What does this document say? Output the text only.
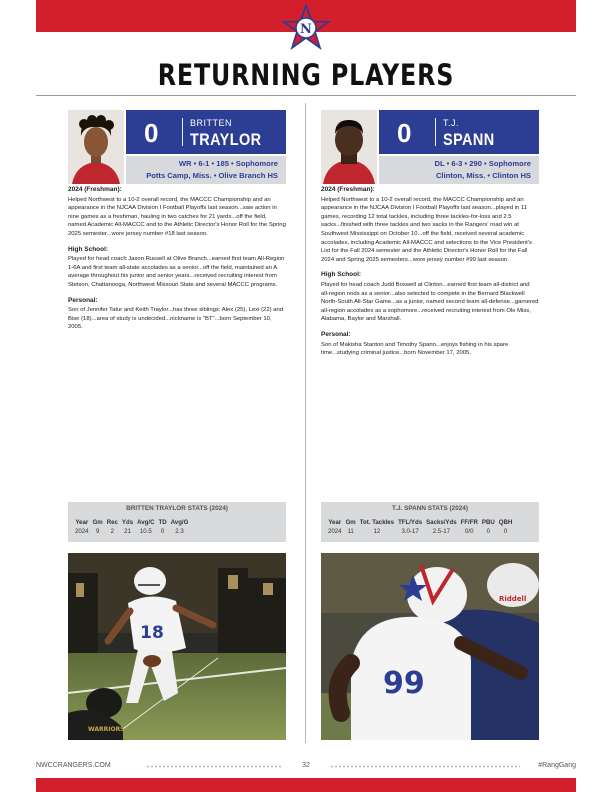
N
RETURNING PLAYERS
0	BRITTEN
TRAYLOR
WR • 6-1 • 185 • Sophomore
Potts Camp, Miss. • Olive Branch HS
2024 (Freshman):

Helped Northwest to a 10-2 overall record, the MACCC Championship and an appearance in the NJCAA Division I Football Playoffs last season...saw action in nine games as a freshman, hauling in two catches for 21 yards...off the field, named Academic All-MACCC and to the Athletic Director's Honor Roll for the Spring 2025 semester...wore jersey number #18 last season.

High School:

Played for head coach Jason Russell at Olive Branch...earned first team All-Region 1-6A and first team all-state accolades as a senior...off the field, maintained an A average throughout his junior and senior years...received recruiting interest from Stetson, Chattanooga, Northwest Missouri State and several MACCC programs.

Personal:

Son of Jennifer Tatur and Keith Traylor...has three siblings: Alex (25), Lexi (22) and Bise (18)...area of study is undecided...nickname is "BT"...born September 10, 2005.

BRITTEN TRAYLOR STATS (2024)
Year	Gm	Rec	Yds	Avg/C	TD	Avg/G
2024	9	2	21	10.5	0	2.3
18
WARRIORS
0	T.J.
SPANN
DL • 6-3 • 290 • Sophomore
Clinton, Miss. • Clinton HS
2024 (Freshman):

Helped Northwest to a 10-2 overall record, the MACCC Championship and an appearance in the NJCAA Division I Football Playoffs last season...played in 11 games, recording 12 total tackles, including three tackles-for-loss and 2.5 sacks...finished with three tackles and two sacks in the Rangers' road win at Southwest Mississippi on October 10...off the field, received several academic accolades, including Academic All-MACCC and selections to the Vice President's List for the Fall 2024 semester and the Athletic Director's Honor Roll for the Fall 2024 and Spring 2025 semesters...wore jersey number #99 last season.

High School:

Played for head coach Judd Boswell at Clinton...earned first team all-district and all-region nods as a senior...also selected to compete in the Bernard Blackwell North-South All-Star Game...as a junior, named second team all-defense...garnered all-region accolades as a sophomore...received recruiting interest from Ole Miss, Alabama, Baylor and Marshall.

Personal:

Son of Makisha Stanton and Timothy Spann...enjoys fishing in his spare time...studying criminal justice...born November 17, 2005.

T.J. SPANN STATS (2024)
Year	Gm	Tot. Tackles	TFL/Yds	Sacks/Yds	FF/FR	PBU	QBH
2024	11	12	3.0-17	2.5-17	0/0	0	0
Riddell
99
NWCCRANGERS.COM	32	#RangGang
